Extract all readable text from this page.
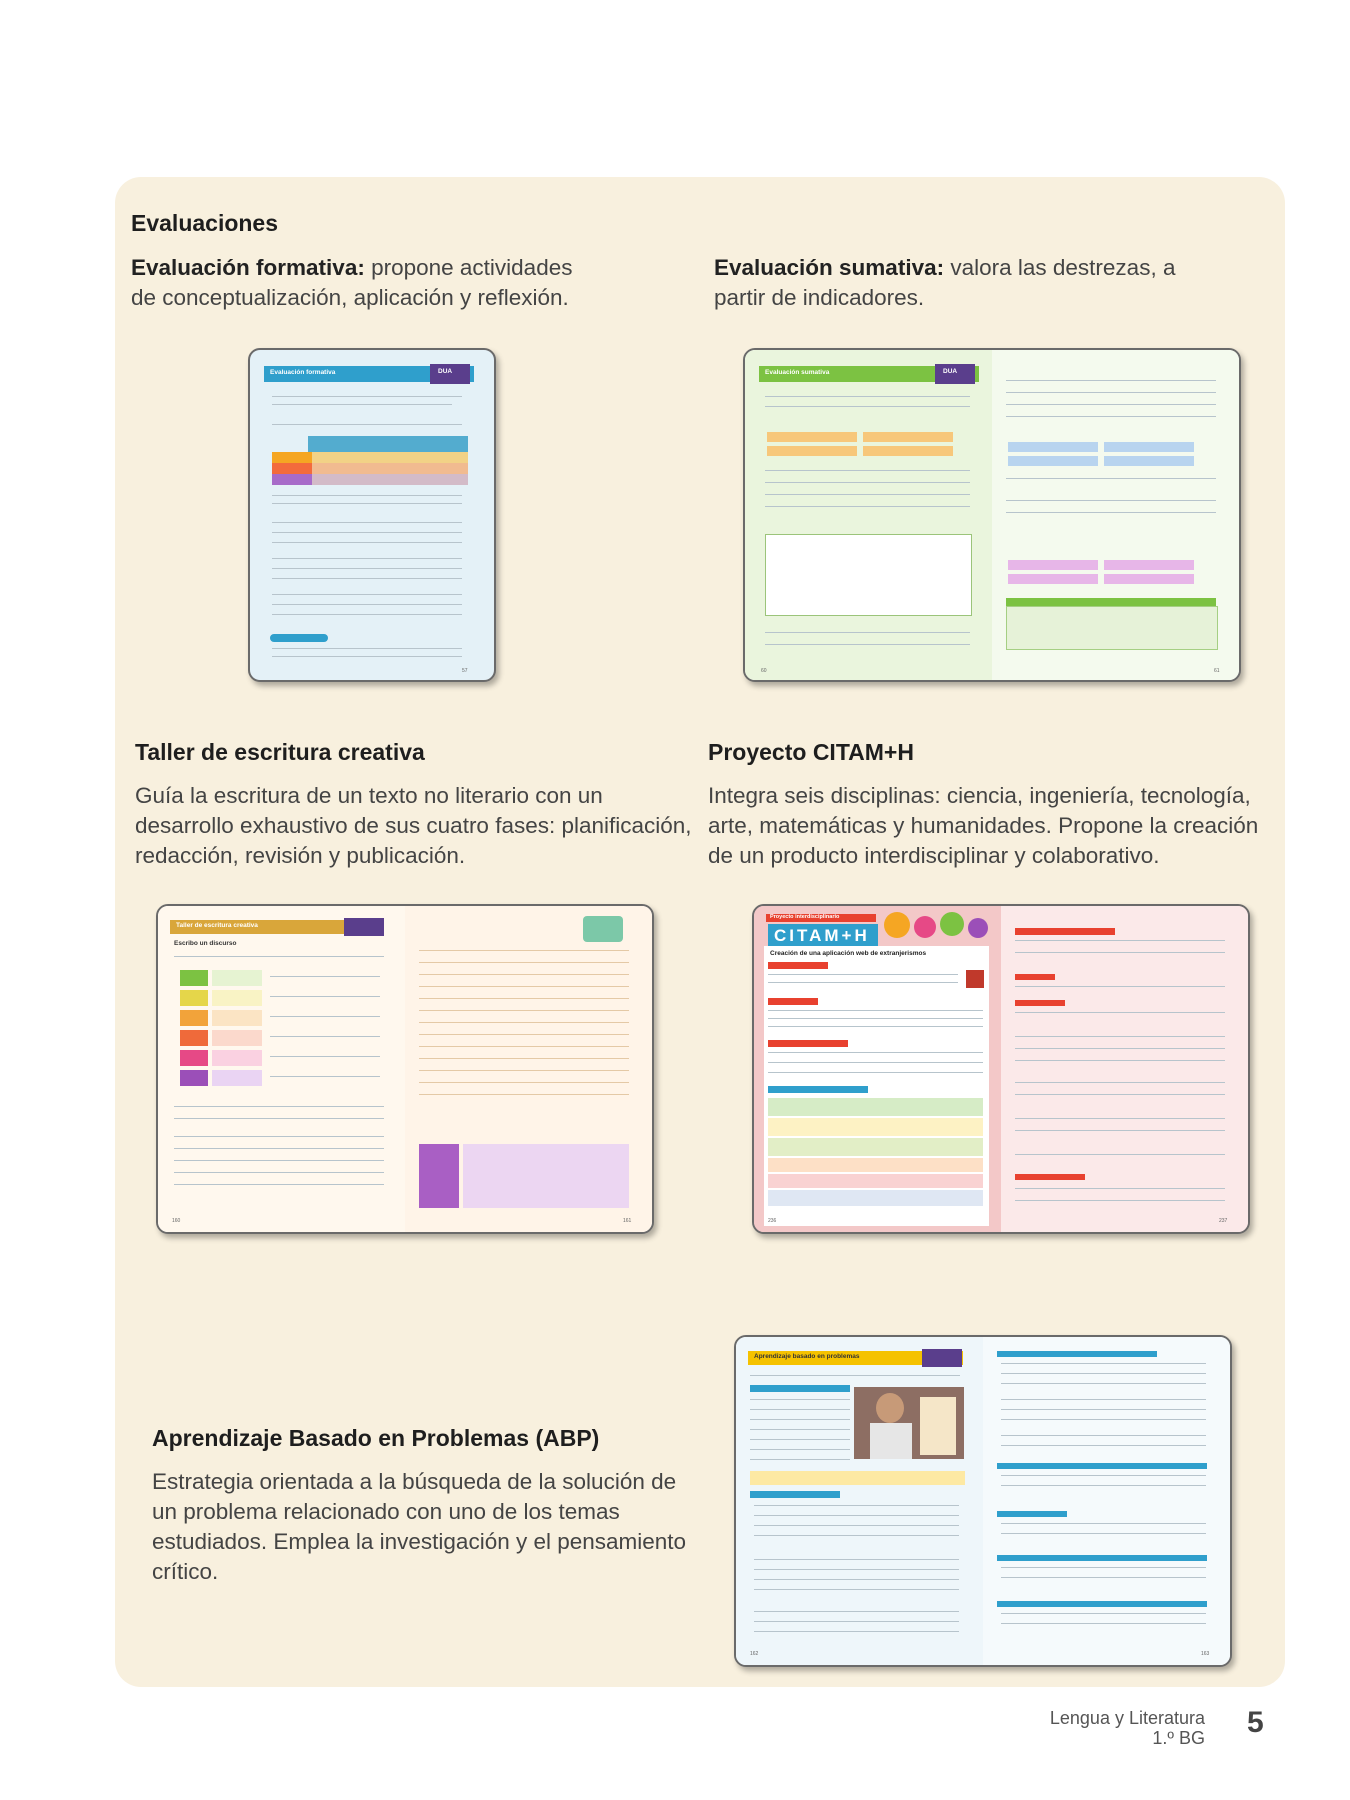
Evaluaciones
Evaluación formativa: propone actividades de conceptualización, aplicación y reflexión.
Evaluación sumativa: valora las destrezas, a partir de indicadores.
Evaluación formativa	DUA
57
Evaluación sumativa	DUA
60	61
Taller de escritura creativa
Guía la escritura de un texto no literario con un desarrollo exhaustivo de sus cuatro fases: planificación, redacción, revisión y publicación.
Taller de escritura creativa
Escribo un discurso
160	161
Proyecto CITAM+H
Integra seis disciplinas: ciencia, ingeniería, tecnología, arte, matemáticas y humanidades. Propone la creación de un producto interdisciplinar y colaborativo.
Proyecto interdisciplinario
CITAM+H
Creación de una aplicación web de extranjerismos
236	237
Aprendizaje Basado en Problemas (ABP)
Estrategia orientada a la búsqueda de la solución de un problema relacionado con uno de los temas estudiados. Emplea la investigación y el pensamiento crítico.
Aprendizaje basado en problemas
162	163
Lengua y Literatura
1.º BG 5
